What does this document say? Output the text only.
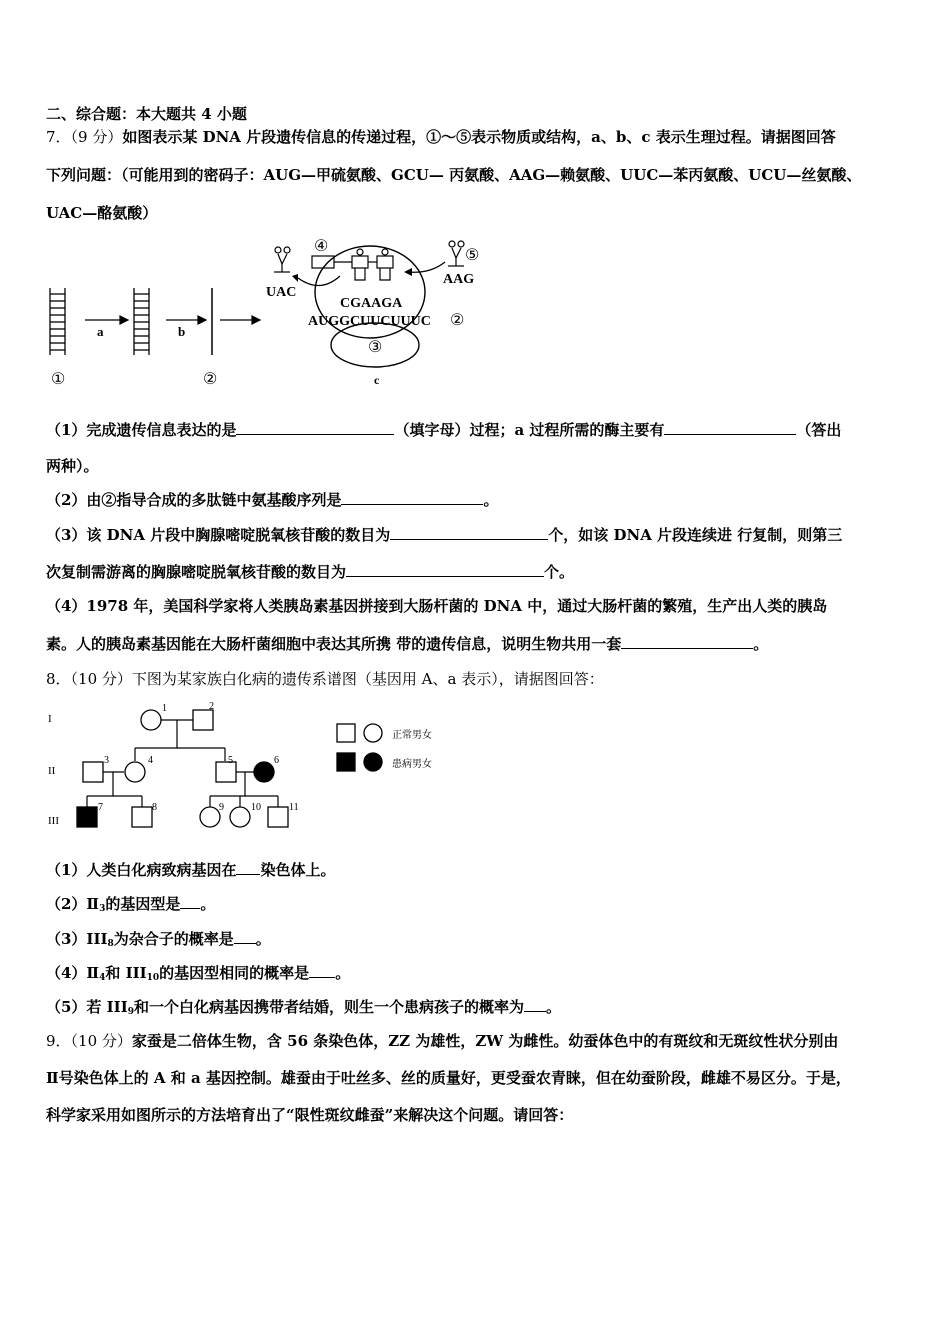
二、综合题：本大题共 4 小题
7．（9 分）如图表示某 DNA 片段遗传信息的传递过程，①～⑤表示物质或结构，a、b、c 表示生理过程。请据图回答
下列问题：（可能用到的密码子：AUG—甲硫氨酸、GCU— 丙氨酸、AAG—赖氨酸、UUC—苯丙氨酸、UCU—丝氨酸、
UAC—酪氨酸）
①
a	b
②
③
c
④
UAC
⑤
AAG
CGAAGA
AUGGCUUCUUUC ②
（1）完成遗传信息表达的是	（填字母）过程；a 过程所需的酶主要有	（答出
两种）。
（2）由②指导合成的多肽链中氨基酸序列是	。
（3）该 DNA 片段中胸腺嘧啶脱氧核苷酸的数目为	个，如该 DNA 片段连续进 行复制，则第三
次复制需游离的胸腺嘧啶脱氧核苷酸的数目为	个。
（4）1978 年，美国科学家将人类胰岛素基因拼接到大肠杆菌的 DNA 中，通过大肠杆菌的繁殖，生产出人类的胰岛
素。人的胰岛素基因能在大肠杆菌细胞中表达其所携 带的遗传信息，说明生物共用一套	。
8．（10 分）下图为某家族白化病的遗传系谱图（基因用 A、a 表示），请据图回答：
I
II
III
1	2
3	4	5	6
7	8	9	10	11
正常男女
患病男女
（1）人类白化病致病基因在 染色体上。
$(2)Ⅱ_3$的基因型是 。
$(3)III_8$为杂合子的概率是 。
$(4)Ⅱ_4$和 $III_{10}$的基因型相同的概率是 。
（5）若 $III_9$和一个白化病基因携带者结婚，则生一个患病孩子的概率为 。
9．（10 分）家蚕是二倍体生物，含 56 条染色体，ZZ 为雄性，ZW 为雌性。幼蚕体色中的有斑纹和无斑纹性状分别由
Ⅱ号染色体上的 A 和 a 基因控制。雄蚕由于吐丝多、丝的质量好，更受蚕农青睐，但在幼蚕阶段，雌雄不易区分。于是，
科学家采用如图所示的方法培育出了“限性斑纹雌蚕”来解决这个问题。请回答：
